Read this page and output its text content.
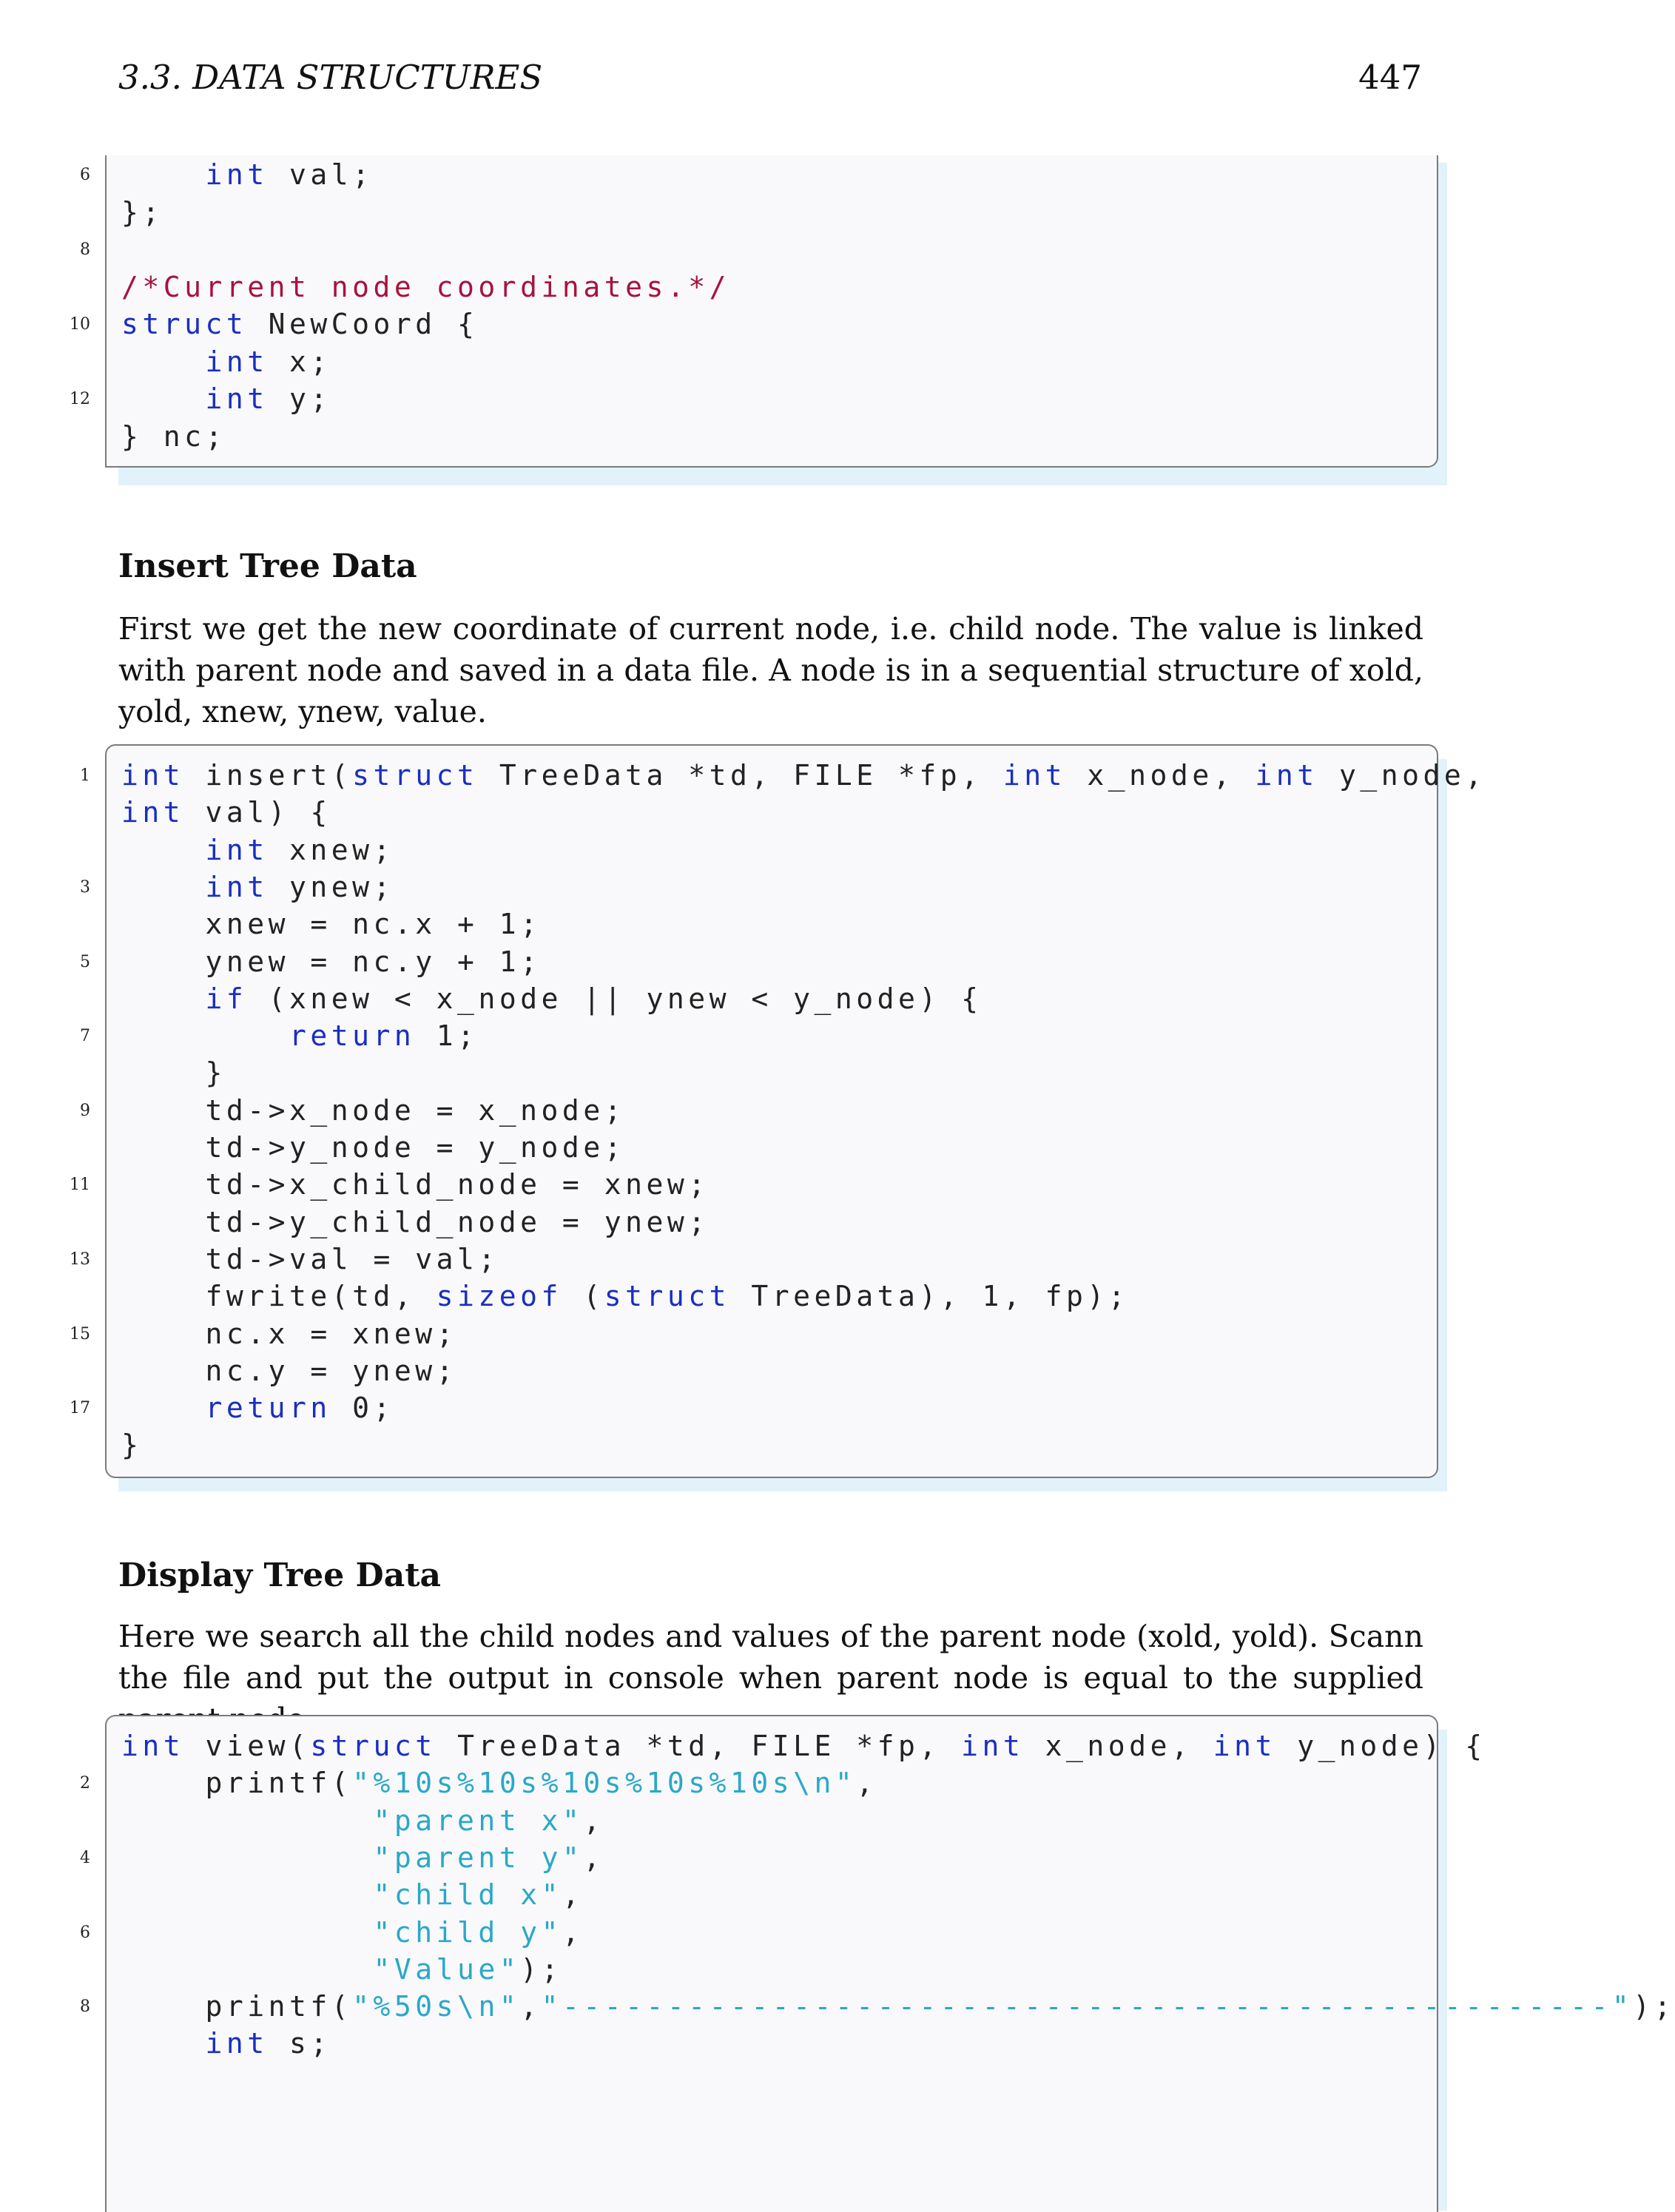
3.3. DATA STRUCTURES	447
int val;
6
};
8
/*Current node coordinates.*/
struct NewCoord {
10
int x;
int y;
12
} nc;
Insert Tree Data
First we get the new coordinate of current node, i.e. child node. The value is linked with parent node and saved in a data file. A node is in a sequential structure of xold, yold, xnew, ynew, value.
int insert(struct TreeData *td, FILE *fp, int x_node, int y_node,
1
int val) {
int xnew;
int ynew;
3
xnew = nc.x + 1;
ynew = nc.y + 1;
5
if (xnew < x_node || ynew < y_node) {
return 1;
7
}
td->x_node = x_node;
9
td->y_node = y_node;
td->x_child_node = xnew;
11
td->y_child_node = ynew;
td->val = val;
13
fwrite(td, sizeof (struct TreeData), 1, fp);
nc.x = xnew;
15
nc.y = ynew;
return 0;
17
}
Display Tree Data
Here we search all the child nodes and values of the parent node (xold, yold). Scann the file and put the output in console when parent node is equal to the supplied
int view(struct TreeData *td, FILE *fp, int x_node, int y_node) {
printf("%10s%10s%10s%10s%10s\n",
2
"parent x",
"parent y",
4
"child x",
"child y",
6
"Value");
printf("%50s\n","--------------------------------------------------");
8
int s;
